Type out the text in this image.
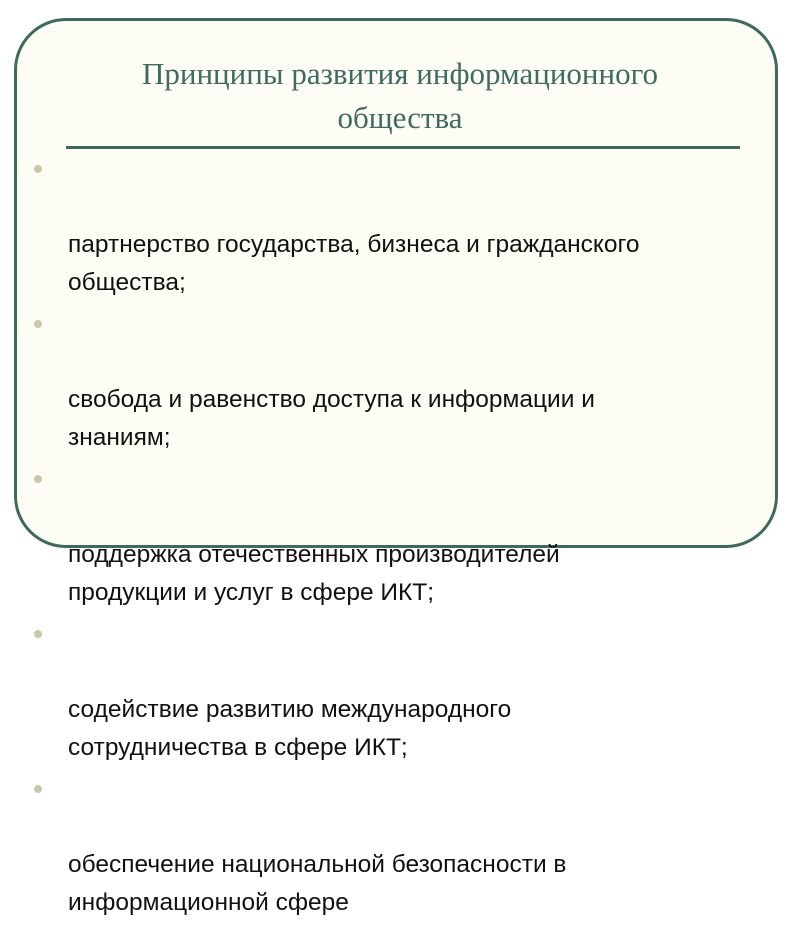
Принципы развития информационного
общества

партнерство государства, бизнеса и гражданского
общества;

свобода и равенство доступа к информации и
знаниям;

поддержка отечественных производителей
продукции и услуг в сфере ИКТ;

содействие развитию международного
сотрудничества в сфере ИКТ;

обеспечение национальной безопасности в
информационной сфере
